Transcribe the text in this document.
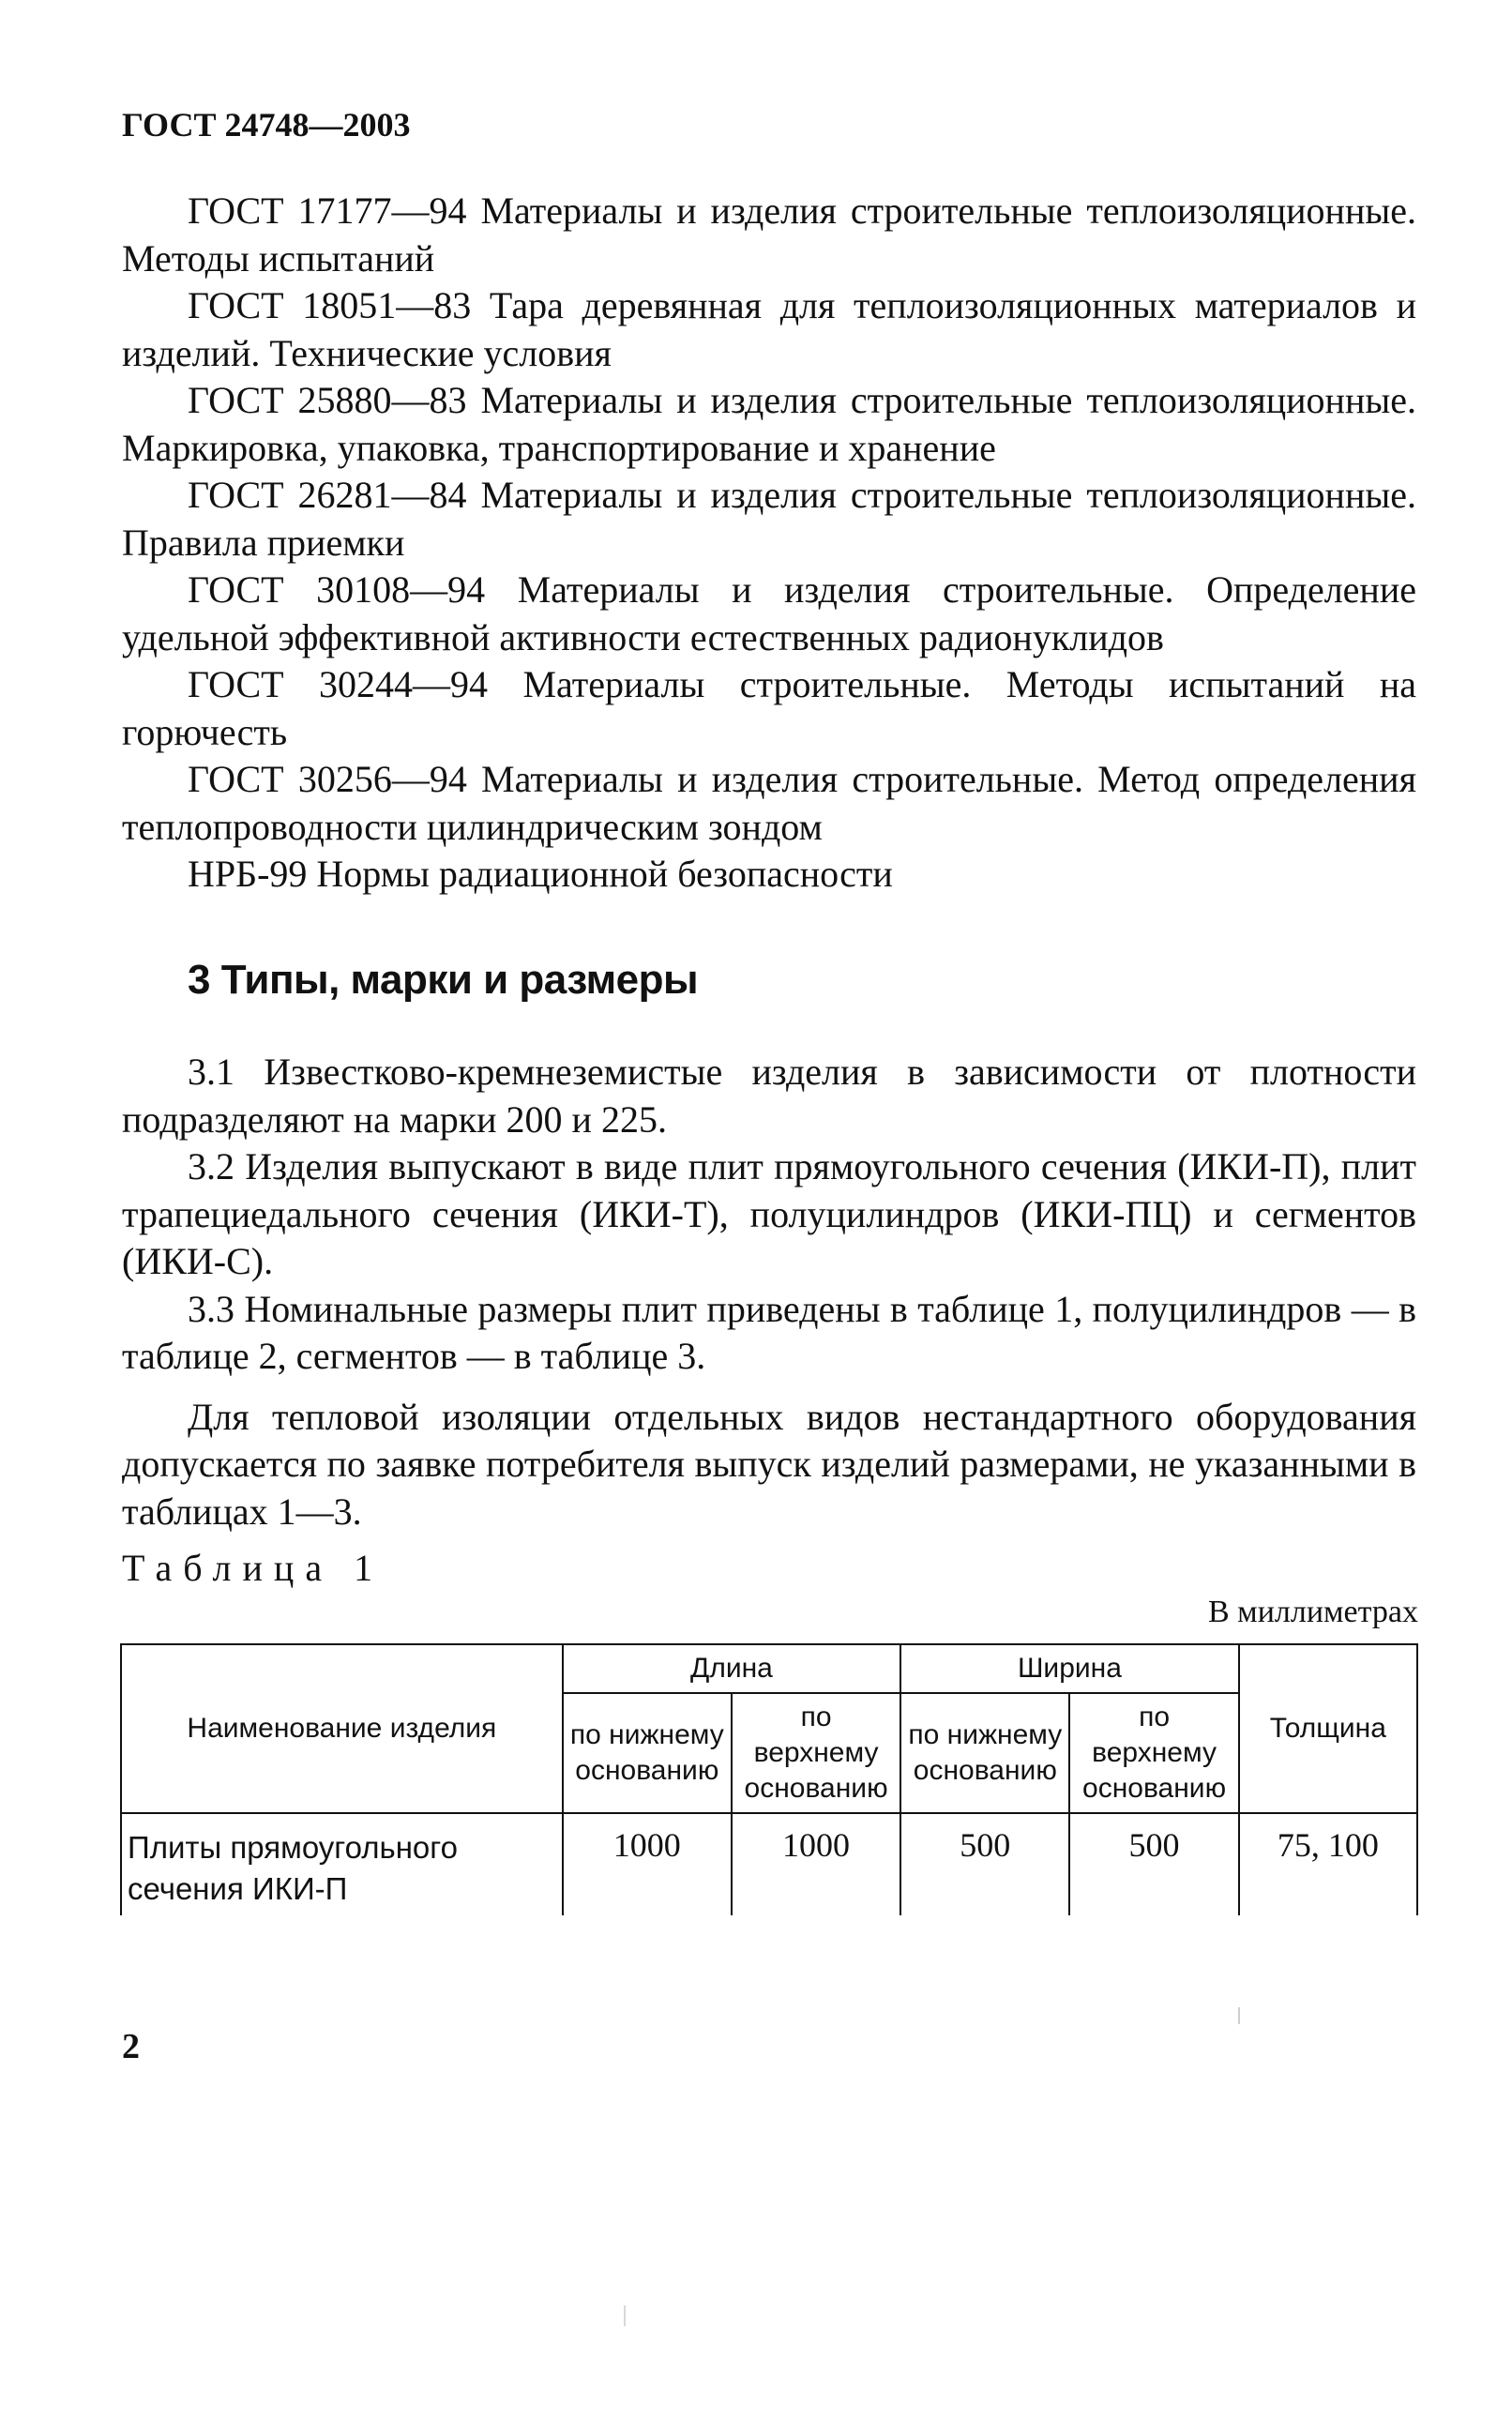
ГОСТ 24748—2003

ГОСТ 17177—94 Материалы и изделия строительные теплоизоляционные. Методы испытаний

ГОСТ 18051—83 Тара деревянная для теплоизоляционных материалов и изделий. Технические условия

ГОСТ 25880—83 Материалы и изделия строительные теплоизоляционные. Маркировка, упаковка, транспортирование и хранение

ГОСТ 26281—84 Материалы и изделия строительные теплоизоляционные. Правила приемки

ГОСТ 30108—94 Материалы и изделия строительные. Определение удельной эффективной активности естественных радионуклидов

ГОСТ 30244—94 Материалы строительные. Методы испытаний на горючесть

ГОСТ 30256—94 Материалы и изделия строительные. Метод определения теплопроводности цилиндрическим зондом

НРБ-99 Нормы радиационной безопасности

3 Типы, марки и размеры

3.1 Известково-кремнеземистые изделия в зависимости от плотности подразделяют на марки 200 и 225.

3.2 Изделия выпускают в виде плит прямоугольного сечения (ИКИ-П), плит трапециедального сечения (ИКИ-Т), полуцилиндров (ИКИ-ПЦ) и сегментов (ИКИ-С).

3.3 Номинальные размеры плит приведены в таблице 1, полуцилиндров — в таблице 2, сегментов — в таблице 3.

Для тепловой изоляции отдельных видов нестандартного оборудования допускается по заявке потребителя выпуск изделий размерами, не указанными в таблицах 1—3.

Таблица 1
В миллиметрах
Наименование изделия	Длина		Ширина		Толщина
	по нижнему основанию	по верхнему основанию	по нижнему основанию	по верхнему основанию	
Плиты прямоугольного сечения ИКИ-П	1000	1000	500	500	75, 100
2
